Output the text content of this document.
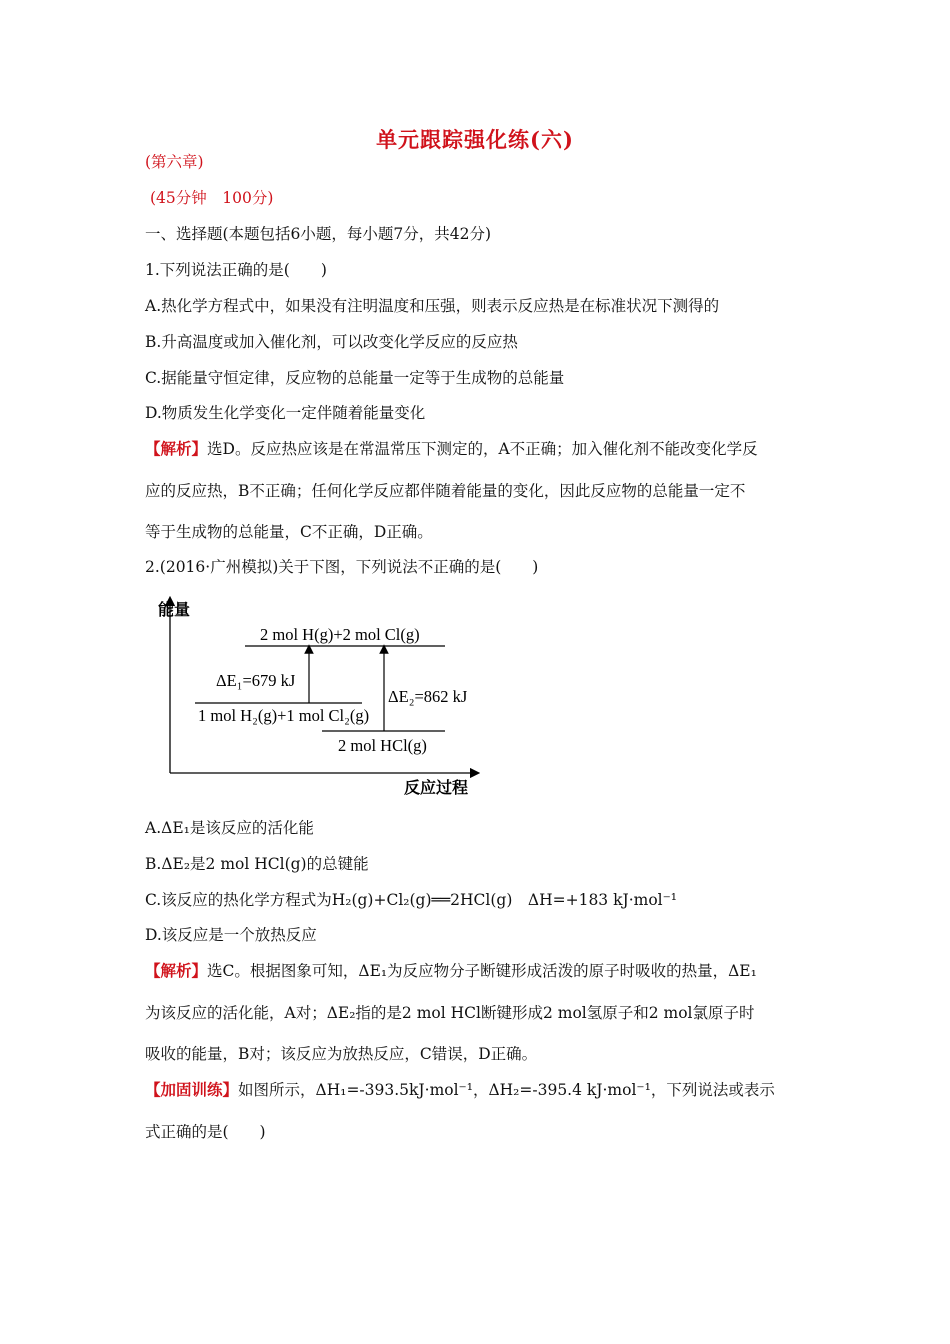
单元跟踪强化练(六)
(第六章)
(45分钟　100分)
一、选择题(本题包括6小题，每小题7分，共42分)
1.下列说法正确的是(　　)
A.热化学方程式中，如果没有注明温度和压强，则表示反应热是在标准状况下测得的
B.升高温度或加入催化剂，可以改变化学反应的反应热
C.据能量守恒定律，反应物的总能量一定等于生成物的总能量
D.物质发生化学变化一定伴随着能量变化
【解析】选D。反应热应该是在常温常压下测定的，A不正确；加入催化剂不能改变化学反
应的反应热，B不正确；任何化学反应都伴随着能量的变化，因此反应物的总能量一定不
等于生成物的总能量，C不正确，D正确。
2.(2016·广州模拟)关于下图，下列说法不正确的是(　　)
能量
反应过程
2 mol H(g)+2 mol Cl(g)
1 mol H₂(g)+1 mol Cl₂(g)
2 mol HCl(g)
ΔE₁=679 kJ
ΔE₂=862 kJ
A.ΔE₁是该反应的活化能
B.ΔE₂是2 mol HCl(g)的总键能
C.该反应的热化学方程式为H₂(g)+Cl₂(g)══2HCl(g)　ΔH=+183 kJ·mol⁻¹
D.该反应是一个放热反应
【解析】选C。根据图象可知，ΔE₁为反应物分子断键形成活泼的原子时吸收的热量，ΔE₁
为该反应的活化能，A对；ΔE₂指的是2 mol HCl断键形成2 mol氢原子和2 mol氯原子时
吸收的能量，B对；该反应为放热反应，C错误，D正确。
【加固训练】如图所示，ΔH₁=-393.5kJ·mol⁻¹，ΔH₂=-395.4 kJ·mol⁻¹，下列说法或表示
式正确的是(　　)
